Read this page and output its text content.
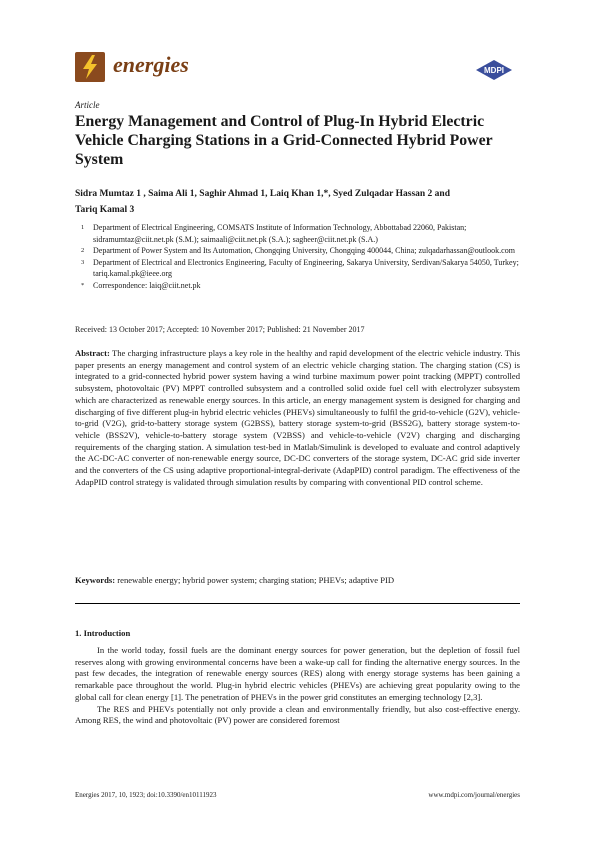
energies	MDPI
Article
Energy Management and Control of Plug-In Hybrid Electric Vehicle Charging Stations in a Grid-Connected Hybrid Power System
Sidra Mumtaz 1 , Saima Ali 1, Saghir Ahmad 1, Laiq Khan 1,*, Syed Zulqadar Hassan 2 and
Tariq Kamal 3
1 Department of Electrical Engineering, COMSATS Institute of Information Technology, Abbottabad 22060, Pakistan; sidramumtaz@ciit.net.pk (S.M.); saimaali@ciit.net.pk (S.A.); sagheer@ciit.net.pk (S.A.)
2 Department of Power System and Its Automation, Chongqing University, Chongqing 400044, China; zulqadarhassan@outlook.com
3 Department of Electrical and Electronics Engineering, Faculty of Engineering, Sakarya University, Serdivan/Sakarya 54050, Turkey; tariq.kamal.pk@ieee.org
* Correspondence: laiq@ciit.net.pk
Received: 13 October 2017; Accepted: 10 November 2017; Published: 21 November 2017
Abstract: The charging infrastructure plays a key role in the healthy and rapid development of the electric vehicle industry. This paper presents an energy management and control system of an electric vehicle charging station. The charging station (CS) is integrated to a grid-connected hybrid power system having a wind turbine maximum power point tracking (MPPT) controlled subsystem, photovoltaic (PV) MPPT controlled subsystem and a controlled solid oxide fuel cell with electrolyzer subsystem which are characterized as renewable energy sources. In this article, an energy management system is designed for charging and discharging of five different plug-in hybrid electric vehicles (PHEVs) simultaneously to fulfil the grid-to-vehicle (G2V), vehicle-to-grid (V2G), grid-to-battery storage system (G2BSS), battery storage system-to-grid (BSS2G), battery storage system-to-vehicle (BSS2V), vehicle-to-battery storage system (V2BSS) and vehicle-to-vehicle (V2V) charging and discharging requirements of the charging station. A simulation test-bed in Matlab/Simulink is developed to evaluate and control adaptively the AC-DC-AC converter of non-renewable energy source, DC-DC converters of the storage system, DC-AC grid side inverter and the converters of the CS using adaptive proportional-integral-derivate (AdapPID) control paradigm. The effectiveness of the AdapPID control strategy is validated through simulation results by comparing with conventional PID control scheme.
Keywords: renewable energy; hybrid power system; charging station; PHEVs; adaptive PID
1. Introduction

In the world today, fossil fuels are the dominant energy sources for power generation, but the depletion of fossil fuel reserves along with growing environmental concerns have been a wake-up call for finding the alternative energy sources. In the past few decades, the integration of renewable energy sources (RES) along with energy storage systems has been gaining a remarkable pace throughout the world. Plug-in hybrid electric vehicles (PHEVs) are achieving great popularity owing to the global call for clean energy [1]. The penetration of PHEVs in the power grid constitutes an emerging technology [2,3].

The RES and PHEVs potentially not only provide a clean and environmentally friendly, but also cost-effective energy. Among RES, the wind and photovoltaic (PV) power are considered foremost

Energies 2017, 10, 1923; doi:10.3390/en10111923	www.mdpi.com/journal/energies
